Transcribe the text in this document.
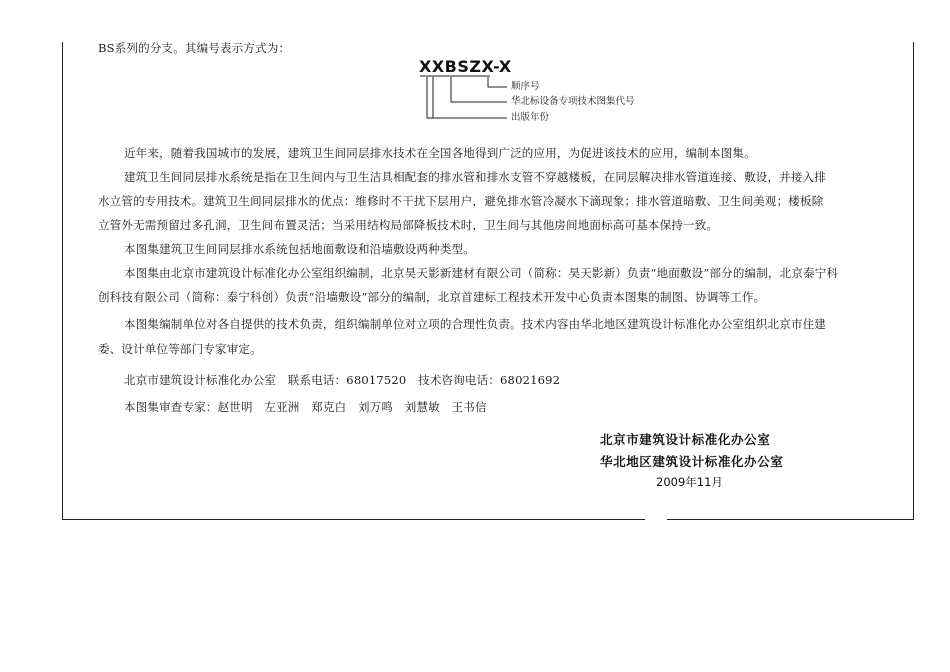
BS系列的分支。其编号表示方式为：
XXBSZX-X
顺序号
华北标设备专项技术图集代号
出版年份
近年来，随着我国城市的发展，建筑卫生间同层排水技术在全国各地得到广泛的应用，为促进该技术的应用，编制本图集。
建筑卫生间同层排水系统是指在卫生间内与卫生洁具相配套的排水管和排水支管不穿越楼板，在同层解决排水管道连接、敷设，并接入排
水立管的专用技术。建筑卫生间同层排水的优点：维修时不干扰下层用户，避免排水管冷凝水下滴现象；排水管道暗敷、卫生间美观；楼板除
立管外无需预留过多孔洞，卫生间布置灵活；当采用结构局部降板技术时，卫生间与其他房间地面标高可基本保持一致。
本图集建筑卫生间同层排水系统包括地面敷设和沿墙敷设两种类型。
本图集由北京市建筑设计标准化办公室组织编制，北京昊天影新建材有限公司（简称：昊天影新）负责“地面敷设”部分的编制，北京泰宁科
创科技有限公司（简称：泰宁科创）负责“沿墙敷设”部分的编制，北京首建标工程技术开发中心负责本图集的制图、协调等工作。
本图集编制单位对各自提供的技术负责，组织编制单位对立项的合理性负责。技术内容由华北地区建筑设计标准化办公室组织北京市住建
委、设计单位等部门专家审定。
北京市建筑设计标准化办公室　联系电话：68017520　技术咨询电话：68021692
本图集审查专家：赵世明　左亚洲　郑克白　刘万鸣　刘慧敏　王书信
北京市建筑设计标准化办公室
华北地区建筑设计标准化办公室
2009年11月
